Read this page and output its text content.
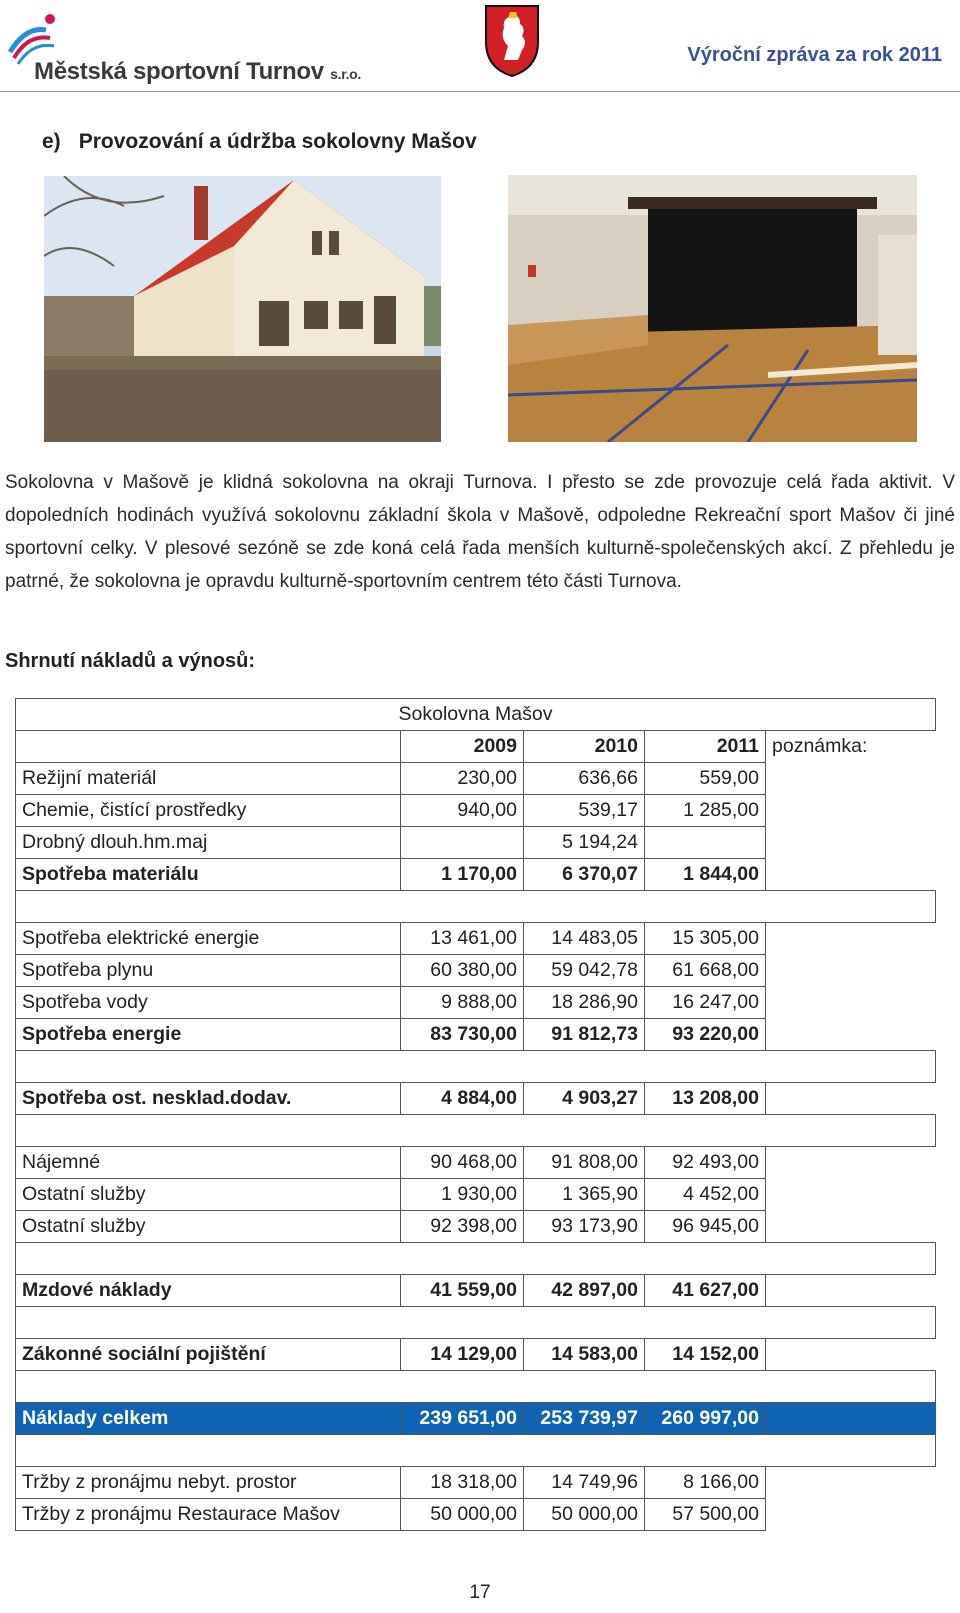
Městská sportovní Turnov s.r.o.
Výroční zpráva za rok 2011
e) Provozování a údržba sokolovny Mašov
Sokolovna v Mašově je klidná sokolovna na okraji Turnova. I přesto se zde provozuje celá řada aktivit. V dopoledních hodinách využívá sokolovnu základní škola v Mašově, odpoledne Rekreační sport Mašov či jiné sportovní celky. V plesové sezóně se zde koná celá řada menších kulturně-společenských akcí. Z přehledu je patrné, že sokolovna je opravdu kulturně-sportovním centrem této části Turnova.
Shrnutí nákladů a výnosů:
Sokolovna Mašov				
	2009	2010	2011	poznámka:
Režijní materiál	230,00	636,66	559,00	
Chemie, čistící prostředky	940,00	539,17	1 285,00	
Drobný dlouh.hm.maj		5 194,24		
Spotřeba materiálu	1 170,00	6 370,07	1 844,00	

Spotřeba elektrické energie	13 461,00	14 483,05	15 305,00	
Spotřeba plynu	60 380,00	59 042,78	61 668,00	
Spotřeba vody	9 888,00	18 286,90	16 247,00	
Spotřeba energie	83 730,00	91 812,73	93 220,00	

Spotřeba ost. nesklad.dodav.	4 884,00	4 903,27	13 208,00	

Nájemné	90 468,00	91 808,00	92 493,00	
Ostatní služby	1 930,00	1 365,90	4 452,00	
Ostatní služby	92 398,00	93 173,90	96 945,00	

Mzdové náklady	41 559,00	42 897,00	41 627,00	

Zákonné sociální pojištění	14 129,00	14 583,00	14 152,00	

Náklady celkem	239 651,00	253 739,97	260 997,00	

Tržby z pronájmu nebyt. prostor	18 318,00	14 749,96	8 166,00	
Tržby z pronájmu Restaurace Mašov	50 000,00	50 000,00	57 500,00	
17
